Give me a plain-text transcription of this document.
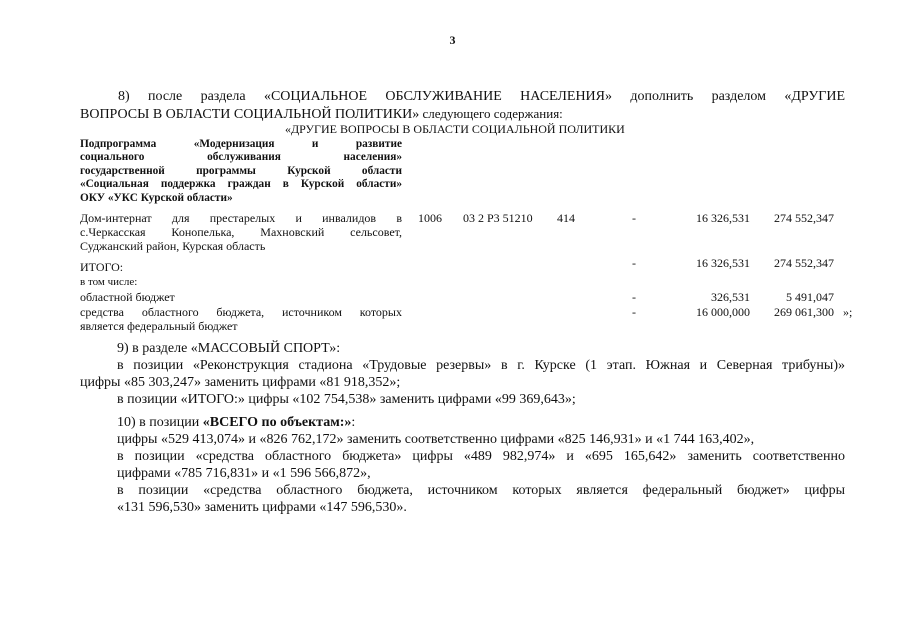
3
8) после раздела «СОЦИАЛЬНОЕ ОБСЛУЖИВАНИЕ НАСЕЛЕНИЯ» дополнить разделом «ДРУГИЕ
ВОПРОСЫ В ОБЛАСТИ СОЦИАЛЬНОЙ ПОЛИТИКИ» следующего содержания:
«ДРУГИЕ ВОПРОСЫ В ОБЛАСТИ СОЦИАЛЬНОЙ ПОЛИТИКИ
Подпрограмма «Модернизация и развитие
социального обслуживания населения»
государственной программы Курской области
«Социальная поддержка граждан в Курской области»
ОКУ «УКС Курской области»
Дом-интернат для престарелых и инвалидов в
с.Черкасская Конопелька, Махновский сельсовет,
Суджанский район, Курская область
1006 03 2 P3 51210 414	-	16 326,531	274 552,347
ИТОГО:	-	16 326,531	274 552,347
в том числе:
областной бюджет	-	326,531	5 491,047
средства областного бюджета, источником которых
является федеральный бюджет
-	16 000,000	269 061,300 »;
9) в разделе «МАССОВЫЙ СПОРТ»:
в позиции «Реконструкция стадиона «Трудовые резервы» в г. Курске (1 этап. Южная и Северная трибуны)»
цифры «85 303,247» заменить цифрами «81 918,352»;
в позиции «ИТОГО:» цифры «102 754,538» заменить цифрами «99 369,643»;
10) в позиции «ВСЕГО по объектам:»:
цифры «529 413,074» и «826 762,172» заменить соответственно цифрами «825 146,931» и «1 744 163,402»,
в позиции «средства областного бюджета» цифры «489 982,974» и «695 165,642» заменить соответственно
цифрами «785 716,831» и «1 596 566,872»,
в позиции «средства областного бюджета, источником которых является федеральный бюджет» цифры
«131 596,530» заменить цифрами «147 596,530».
